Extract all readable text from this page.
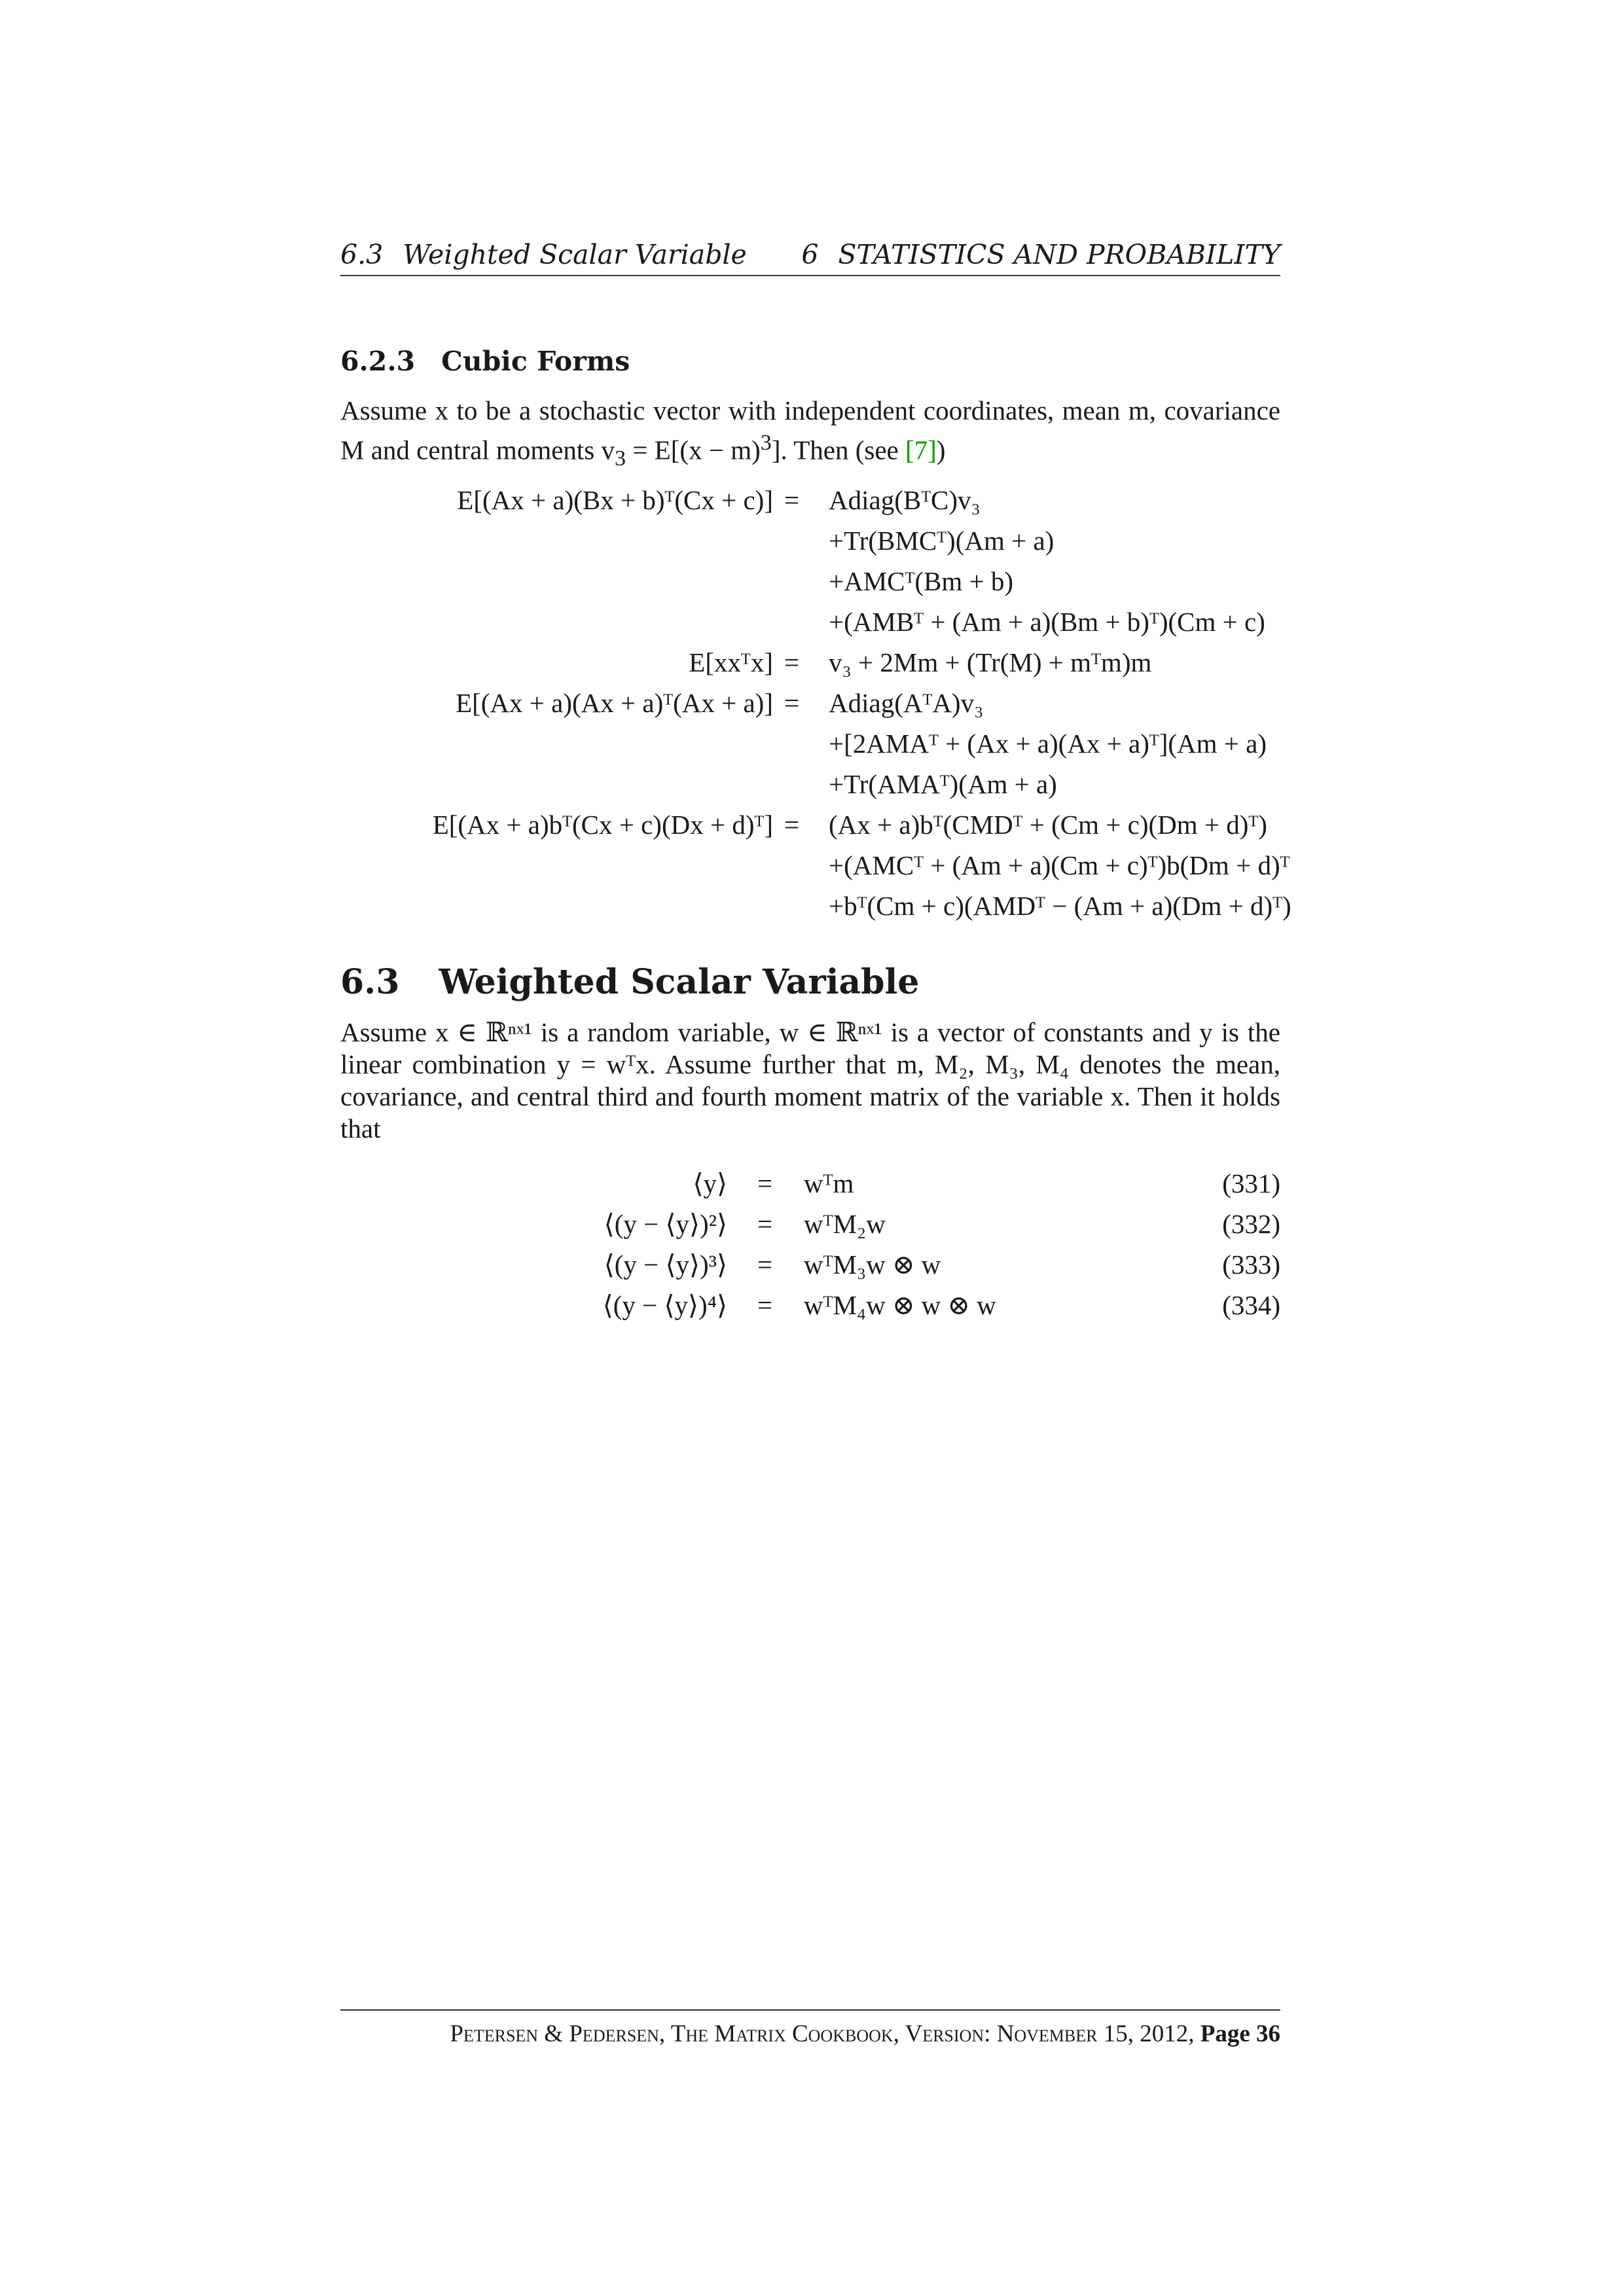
6.3 Weighted Scalar Variable 6 STATISTICS AND PROBABILITY
6.2.3 Cubic Forms
Assume x to be a stochastic vector with independent coordinates, mean m, covariance M and central moments $v_3 = E[(x - m)^3]$. Then (see [7])
E[(Ax + a)(Bx + b)ᵀ(Cx + c)] = Adiag(BᵀC)v₃
+Tr(BMCᵀ)(Am + a)
+AMCᵀ(Bm + b)
+(AMBᵀ + (Am + a)(Bm + b)ᵀ)(Cm + c)
E[xxᵀx] = v₃ + 2Mm + (Tr(M) + mᵀm)m
E[(Ax + a)(Ax + a)ᵀ(Ax + a)] = Adiag(AᵀA)v₃
+[2AMAᵀ + (Ax + a)(Ax + a)ᵀ](Am + a)
+Tr(AMAᵀ)(Am + a)
E[(Ax + a)bᵀ(Cx + c)(Dx + d)ᵀ] = (Ax + a)bᵀ(CMDᵀ + (Cm + c)(Dm + d)ᵀ)
+(AMCᵀ + (Am + a)(Cm + c)ᵀ)b(Dm + d)ᵀ
+bᵀ(Cm + c)(AMDᵀ − (Am + a)(Dm + d)ᵀ)
6.3 Weighted Scalar Variable
Assume x ∈ ℝⁿˣ¹ is a random variable, w ∈ ℝⁿˣ¹ is a vector of constants and y is the linear combination y = wᵀx. Assume further that m, M₂, M₃, M₄ denotes the mean, covariance, and central third and fourth moment matrix of the variable x. Then it holds that
⟨y⟩ = wᵀm	(331)
⟨(y − ⟨y⟩)²⟩ = wᵀM₂w	(332)
⟨(y − ⟨y⟩)³⟩ = wᵀM₃w ⊗ w	(333)
⟨(y − ⟨y⟩)⁴⟩ = wᵀM₄w ⊗ w ⊗ w	(334)
Petersen & Pedersen, The Matrix Cookbook, Version: November 15, 2012, Page 36
